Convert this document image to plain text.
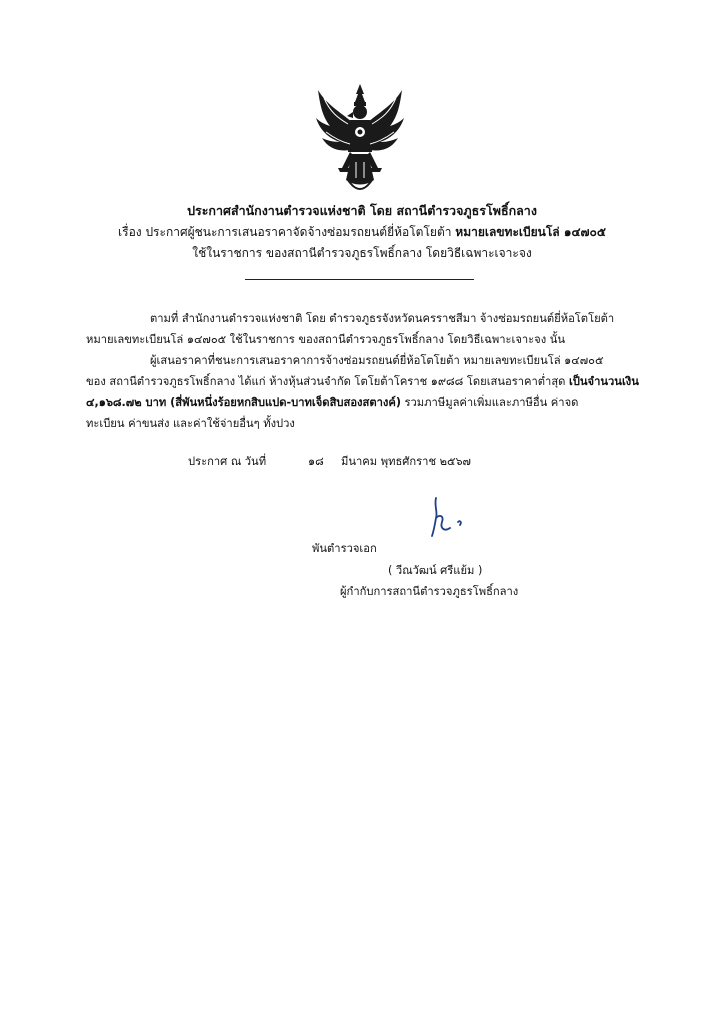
ประกาศสำนักงานตำรวจแห่งชาติ โดย สถานีตำรวจภูธรโพธิ์กลาง
เรื่อง ประกาศผู้ชนะการเสนอราคาจัดจ้างซ่อมรถยนต์ยี่ห้อโตโยต้า หมายเลขทะเบียนโล่ ๑๔๗๐๕
ใช้ในราชการ ของสถานีตำรวจภูธรโพธิ์กลาง โดยวิธีเฉพาะเจาะจง
ตามที่ สำนักงานตำรวจแห่งชาติ โดย ตำรวจภูธรจังหวัดนครราชสีมา จ้างซ่อมรถยนต์ยี่ห้อโตโยต้า
หมายเลขทะเบียนโล่ ๑๔๗๐๕ ใช้ในราชการ ของสถานีตำรวจภูธรโพธิ์กลาง โดยวิธีเฉพาะเจาะจง นั้น
ผู้เสนอราคาที่ชนะการเสนอราคาการจ้างซ่อมรถยนต์ยี่ห้อโตโยต้า หมายเลขทะเบียนโล่ ๑๔๗๐๕
ของ สถานีตำรวจภูธรโพธิ์กลาง ได้แก่ ห้างหุ้นส่วนจำกัด โตโยต้าโคราช ๑๙๘๘ โดยเสนอราคาต่ำสุด เป็นจำนวนเงิน
๔,๑๖๘.๗๒ บาท (สี่พันหนึ่งร้อยหกสิบแปด-บาทเจ็ดสิบสองสตางค์) รวมภาษีมูลค่าเพิ่มและภาษีอื่น ค่าจด
ทะเบียน ค่าขนส่ง และค่าใช้จ่ายอื่นๆ ทั้งปวง
ประกาศ ณ วันที่	๑๘ มีนาคม พุทธศักราช ๒๕๖๗
พันตำรวจเอก
( วีณวัฒน์ ศรีแย้ม )
ผู้กำกับการสถานีตำรวจภูธรโพธิ์กลาง
